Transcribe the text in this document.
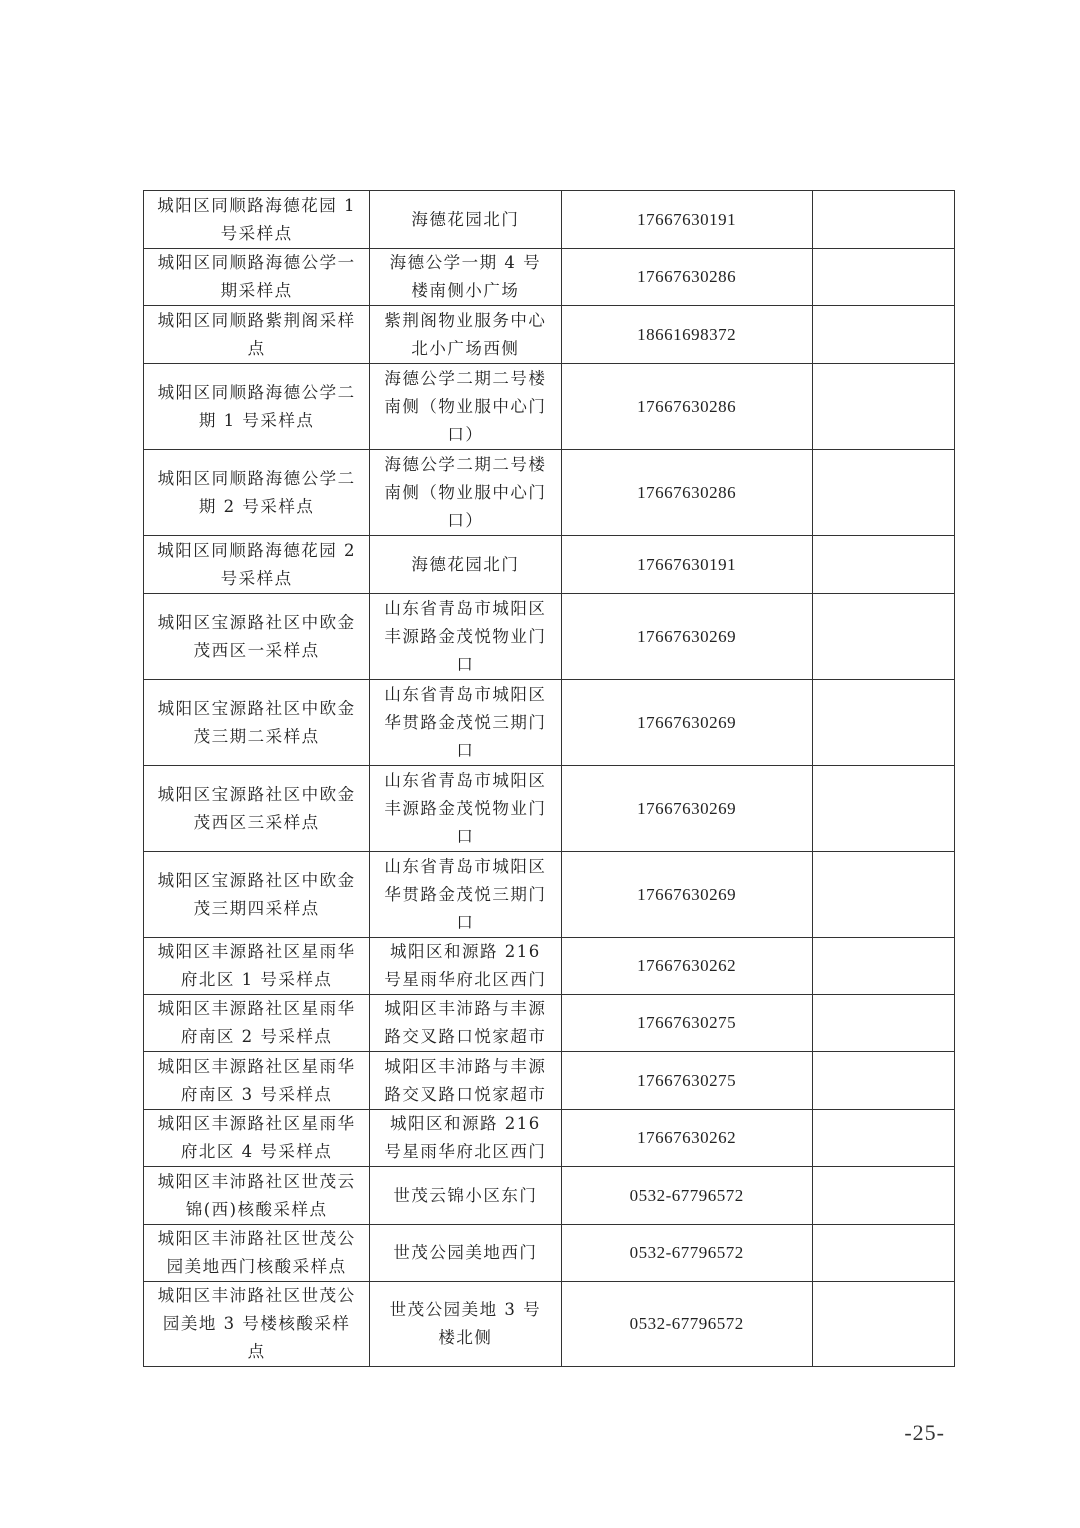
城阳区同顺路海德花园 1 号采样点	海德花园北门	17667630191	
城阳区同顺路海德公学一期采样点	海德公学一期 4 号楼南侧小广场	17667630286	
城阳区同顺路紫荆阁采样点	紫荆阁物业服务中心北小广场西侧	18661698372	
城阳区同顺路海德公学二期 1 号采样点	海德公学二期二号楼南侧（物业服中心门口）	17667630286	
城阳区同顺路海德公学二期 2 号采样点	海德公学二期二号楼南侧（物业服中心门口）	17667630286	
城阳区同顺路海德花园 2 号采样点	海德花园北门	17667630191	
城阳区宝源路社区中欧金茂西区一采样点	山东省青岛市城阳区丰源路金茂悦物业门口	17667630269	
城阳区宝源路社区中欧金茂三期二采样点	山东省青岛市城阳区华贯路金茂悦三期门口	17667630269	
城阳区宝源路社区中欧金茂西区三采样点	山东省青岛市城阳区丰源路金茂悦物业门口	17667630269	
城阳区宝源路社区中欧金茂三期四采样点	山东省青岛市城阳区华贯路金茂悦三期门口	17667630269	
城阳区丰源路社区星雨华府北区 1 号采样点	城阳区和源路 216 号星雨华府北区西门	17667630262	
城阳区丰源路社区星雨华府南区 2 号采样点	城阳区丰沛路与丰源路交叉路口悦家超市	17667630275	
城阳区丰源路社区星雨华府南区 3 号采样点	城阳区丰沛路与丰源路交叉路口悦家超市	17667630275	
城阳区丰源路社区星雨华府北区 4 号采样点	城阳区和源路 216 号星雨华府北区西门	17667630262	
城阳区丰沛路社区世茂云锦(西)核酸采样点	世茂云锦小区东门	0532-67796572	
城阳区丰沛路社区世茂公园美地西门核酸采样点	世茂公园美地西门	0532-67796572	
城阳区丰沛路社区世茂公园美地 3 号楼核酸采样点	世茂公园美地 3 号楼北侧	0532-67796572	
-25-
